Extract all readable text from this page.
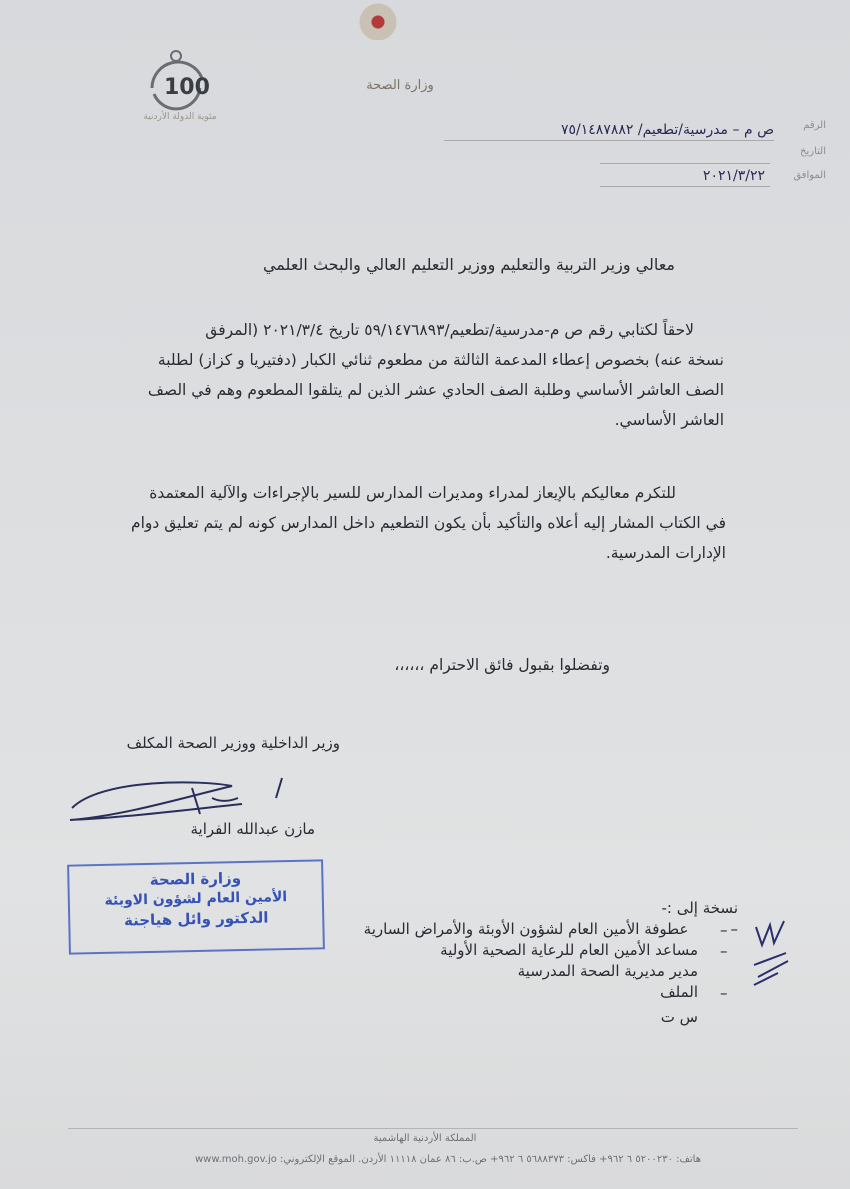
وزارة الصحة
100
مئوية الدولة الأردنية
الرقم
ص م – مدرسية/تطعيم/ ٧٥/١٤٨٧٨٨٢
التاريخ
الموافق
٢٠٢١/٣/٢٢
معالي وزير التربية والتعليم ووزير التعليم العالي والبحث العلمي
لاحقاً لكتابي رقم ص م-مدرسية/تطعيم/٥٩/١٤٧٦٨٩٣ تاريخ ٢٠٢١/٣/٤ (المرفق
نسخة عنه) بخصوص إعطاء المدعمة الثالثة من مطعوم ثنائي الكبار (دفتيريا و كزاز) لطلبة
الصف العاشر الأساسي وطلبة الصف الحادي عشر الذين لم يتلقوا المطعوم وهم في الصف
العاشر الأساسي.
للتكرم معاليكم بالإيعاز لمدراء ومديرات المدارس للسير بالإجراءات والآلية المعتمدة
في الكتاب المشار إليه أعلاه والتأكيد بأن يكون التطعيم داخل المدارس كونه لم يتم تعليق دوام
الإدارات المدرسية.
وتفضلوا بقبول فائق الاحترام ،،،،،،
وزير الداخلية ووزير الصحة المكلف
مازن عبدالله الفراية
وزارة الصحة
الأمين العام لشؤون الاوبئة
الدكتور وائل هياجنة
نسخة إلى :-
–  عطوفة الأمين العام لشؤون الأوبئة والأمراض السارية
مساعد الأمين العام للرعاية الصحية الأولية
مدير مديرية الصحة المدرسية
الملف
س ت
–
–

–
المملكة الأردنية الهاشمية
هاتف: ٥٢٠٠٢٣٠ ٦ ٩٦٢+ فاكس: ٥٦٨٨٣٧٣ ٦ ٩٦٢+ ص.ب: ٨٦ عمان ١١١١٨ الأردن. الموقع الإلكتروني: www.moh.gov.jo
